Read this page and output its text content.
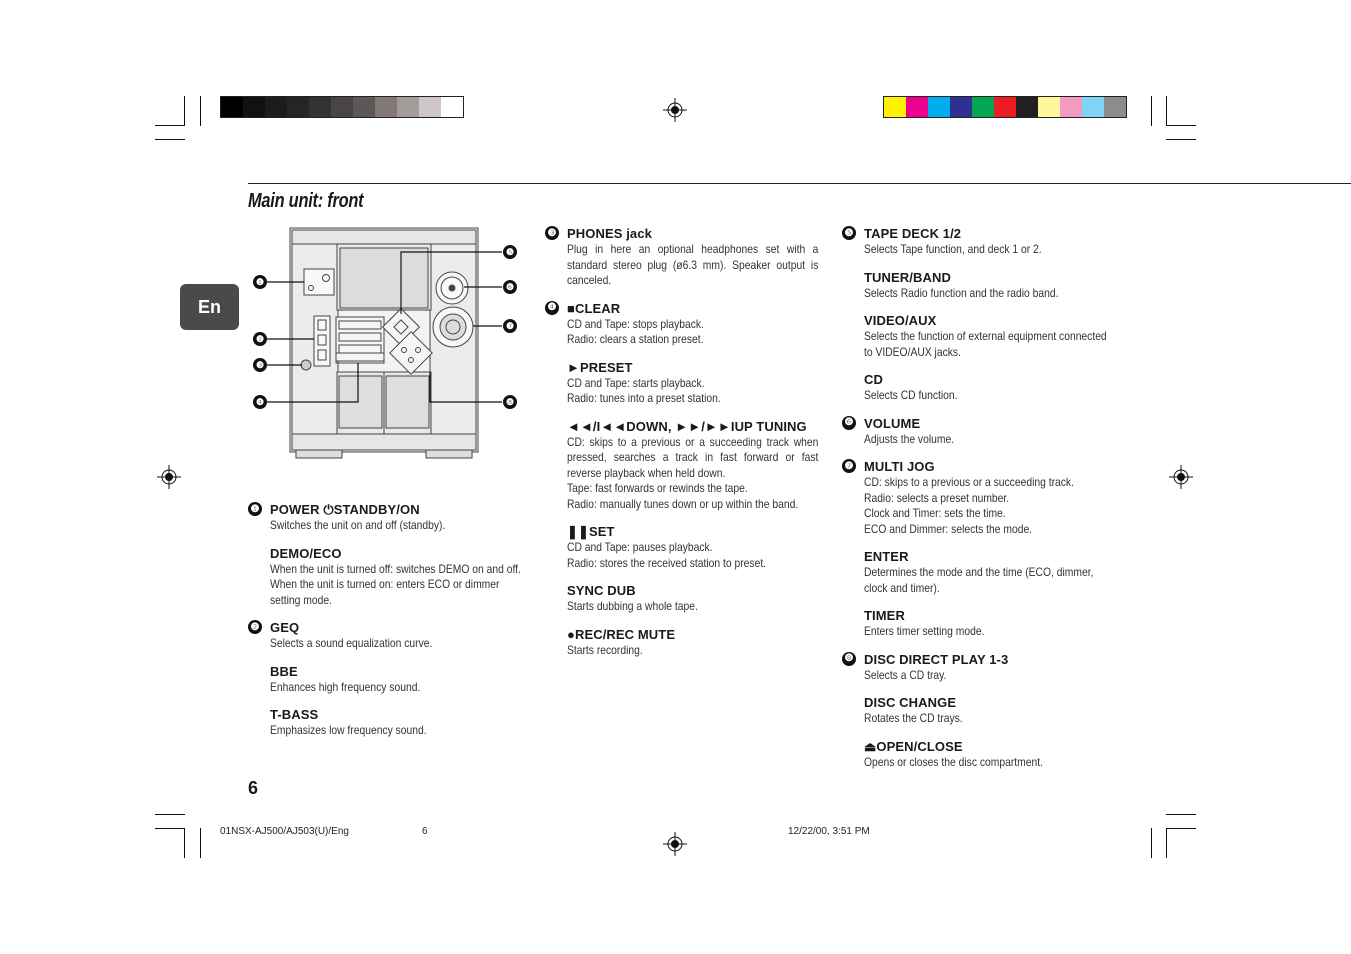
Main unit: front
En
❶
❷
❸
❹
❺
❻
❼
❽
❶ POWER ⏻STANDBY/ON
Switches the unit on and off (standby).
DEMO/ECO
When the unit is turned off: switches DEMO on and off. When the unit is turned on: enters ECO or dimmer setting mode.
❷ GEQ
Selects a sound equalization curve.
BBE
Enhances high frequency sound.
T-BASS
Emphasizes low frequency sound.
❸ PHONES jack
Plug in here an optional headphones set with a standard stereo plug (ø6.3 mm). Speaker output is canceled.
❹ ■CLEAR
CD and Tape: stops playback.
Radio: clears a station preset.
►PRESET
CD and Tape: starts playback.
Radio: tunes into a preset station.
◄◄/I◄◄DOWN, ►►/►►IUP TUNING
CD: skips to a previous or a succeeding track when pressed, searches a track in fast forward or fast reverse playback when held down.
Tape: fast forwards or rewinds the tape.
Radio: manually tunes down or up within the band.
❚❚SET
CD and Tape: pauses playback.
Radio: stores the received station to preset.
SYNC DUB
Starts dubbing a whole tape.
●REC/REC MUTE
Starts recording.
❺ TAPE DECK 1/2
Selects Tape function, and deck 1 or 2.
TUNER/BAND
Selects Radio function and the radio band.
VIDEO/AUX
Selects the function of external equipment connected to VIDEO/AUX jacks.
CD
Selects CD function.
❻ VOLUME
Adjusts the volume.
❼ MULTI JOG
CD: skips to a previous or a succeeding track.
Radio: selects a preset number.
Clock and Timer: sets the time.
ECO and Dimmer: selects the mode.
ENTER
Determines the mode and the time (ECO, dimmer, clock and timer).
TIMER
Enters timer setting mode.
❽ DISC DIRECT PLAY 1-3
Selects a CD tray.
DISC CHANGE
Rotates the CD trays.
⏏OPEN/CLOSE
Opens or closes the disc compartment.
6
01NSX-AJ500/AJ503(U)/Eng	6	12/22/00, 3:51 PM
